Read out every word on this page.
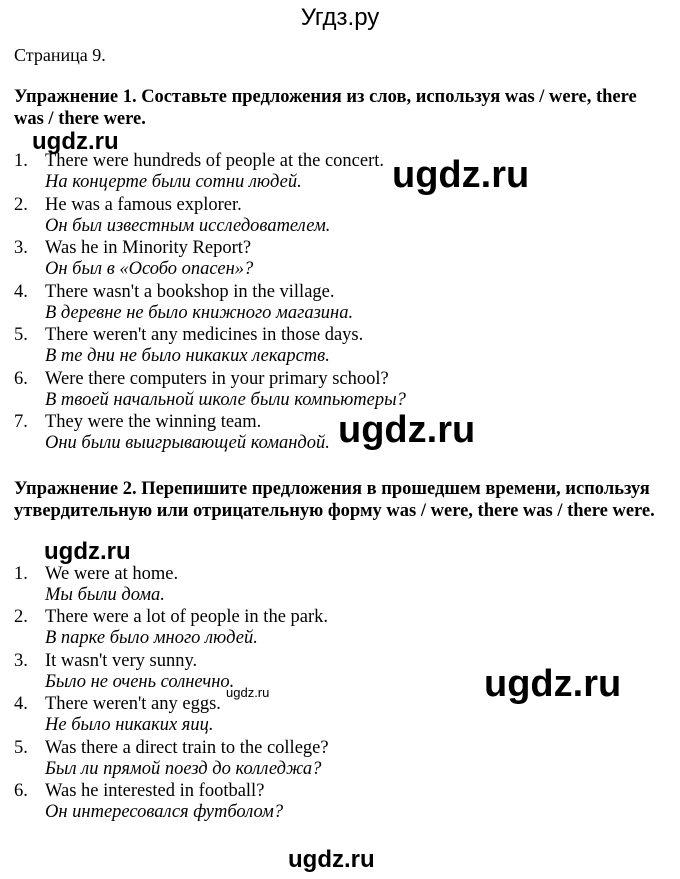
Угдз.ру
Страница 9.
Упражнение 1. Составьте предложения из слов, используя was / were, there was / there were.
1. There were hundreds of people at the concert.
На концерте были сотни людей.
2. He was a famous explorer.
Он был известным исследователем.
3. Was he in Minority Report?
Он был в «Особо опасен»?
4. There wasn't a bookshop in the village.
В деревне не было книжного магазина.
5. There weren't any medicines in those days.
В те дни не было никаких лекарств.
6. Were there computers in your primary school?
В твоей начальной школе были компьютеры?
7. They were the winning team.
Они были выигрывающей командой.
Упражнение 2. Перепишите предложения в прошедшем времени, используя утвердительную или отрицательную форму was / were, there was / there were.
1. We were at home.
Мы были дома.
2. There were a lot of people in the park.
В парке было много людей.
3. It wasn't very sunny.
Было не очень солнечно.
4. There weren't any eggs.
Не было никаких яиц.
5. Was there a direct train to the college?
Был ли прямой поезд до колледжа?
6. Was he interested in football?
Он интересовался футболом?
ugdz.ru
ugdz.ru
ugdz.ru
ugdz.ru
ugdz.ru
ugdz.ru
ugdz.ru
